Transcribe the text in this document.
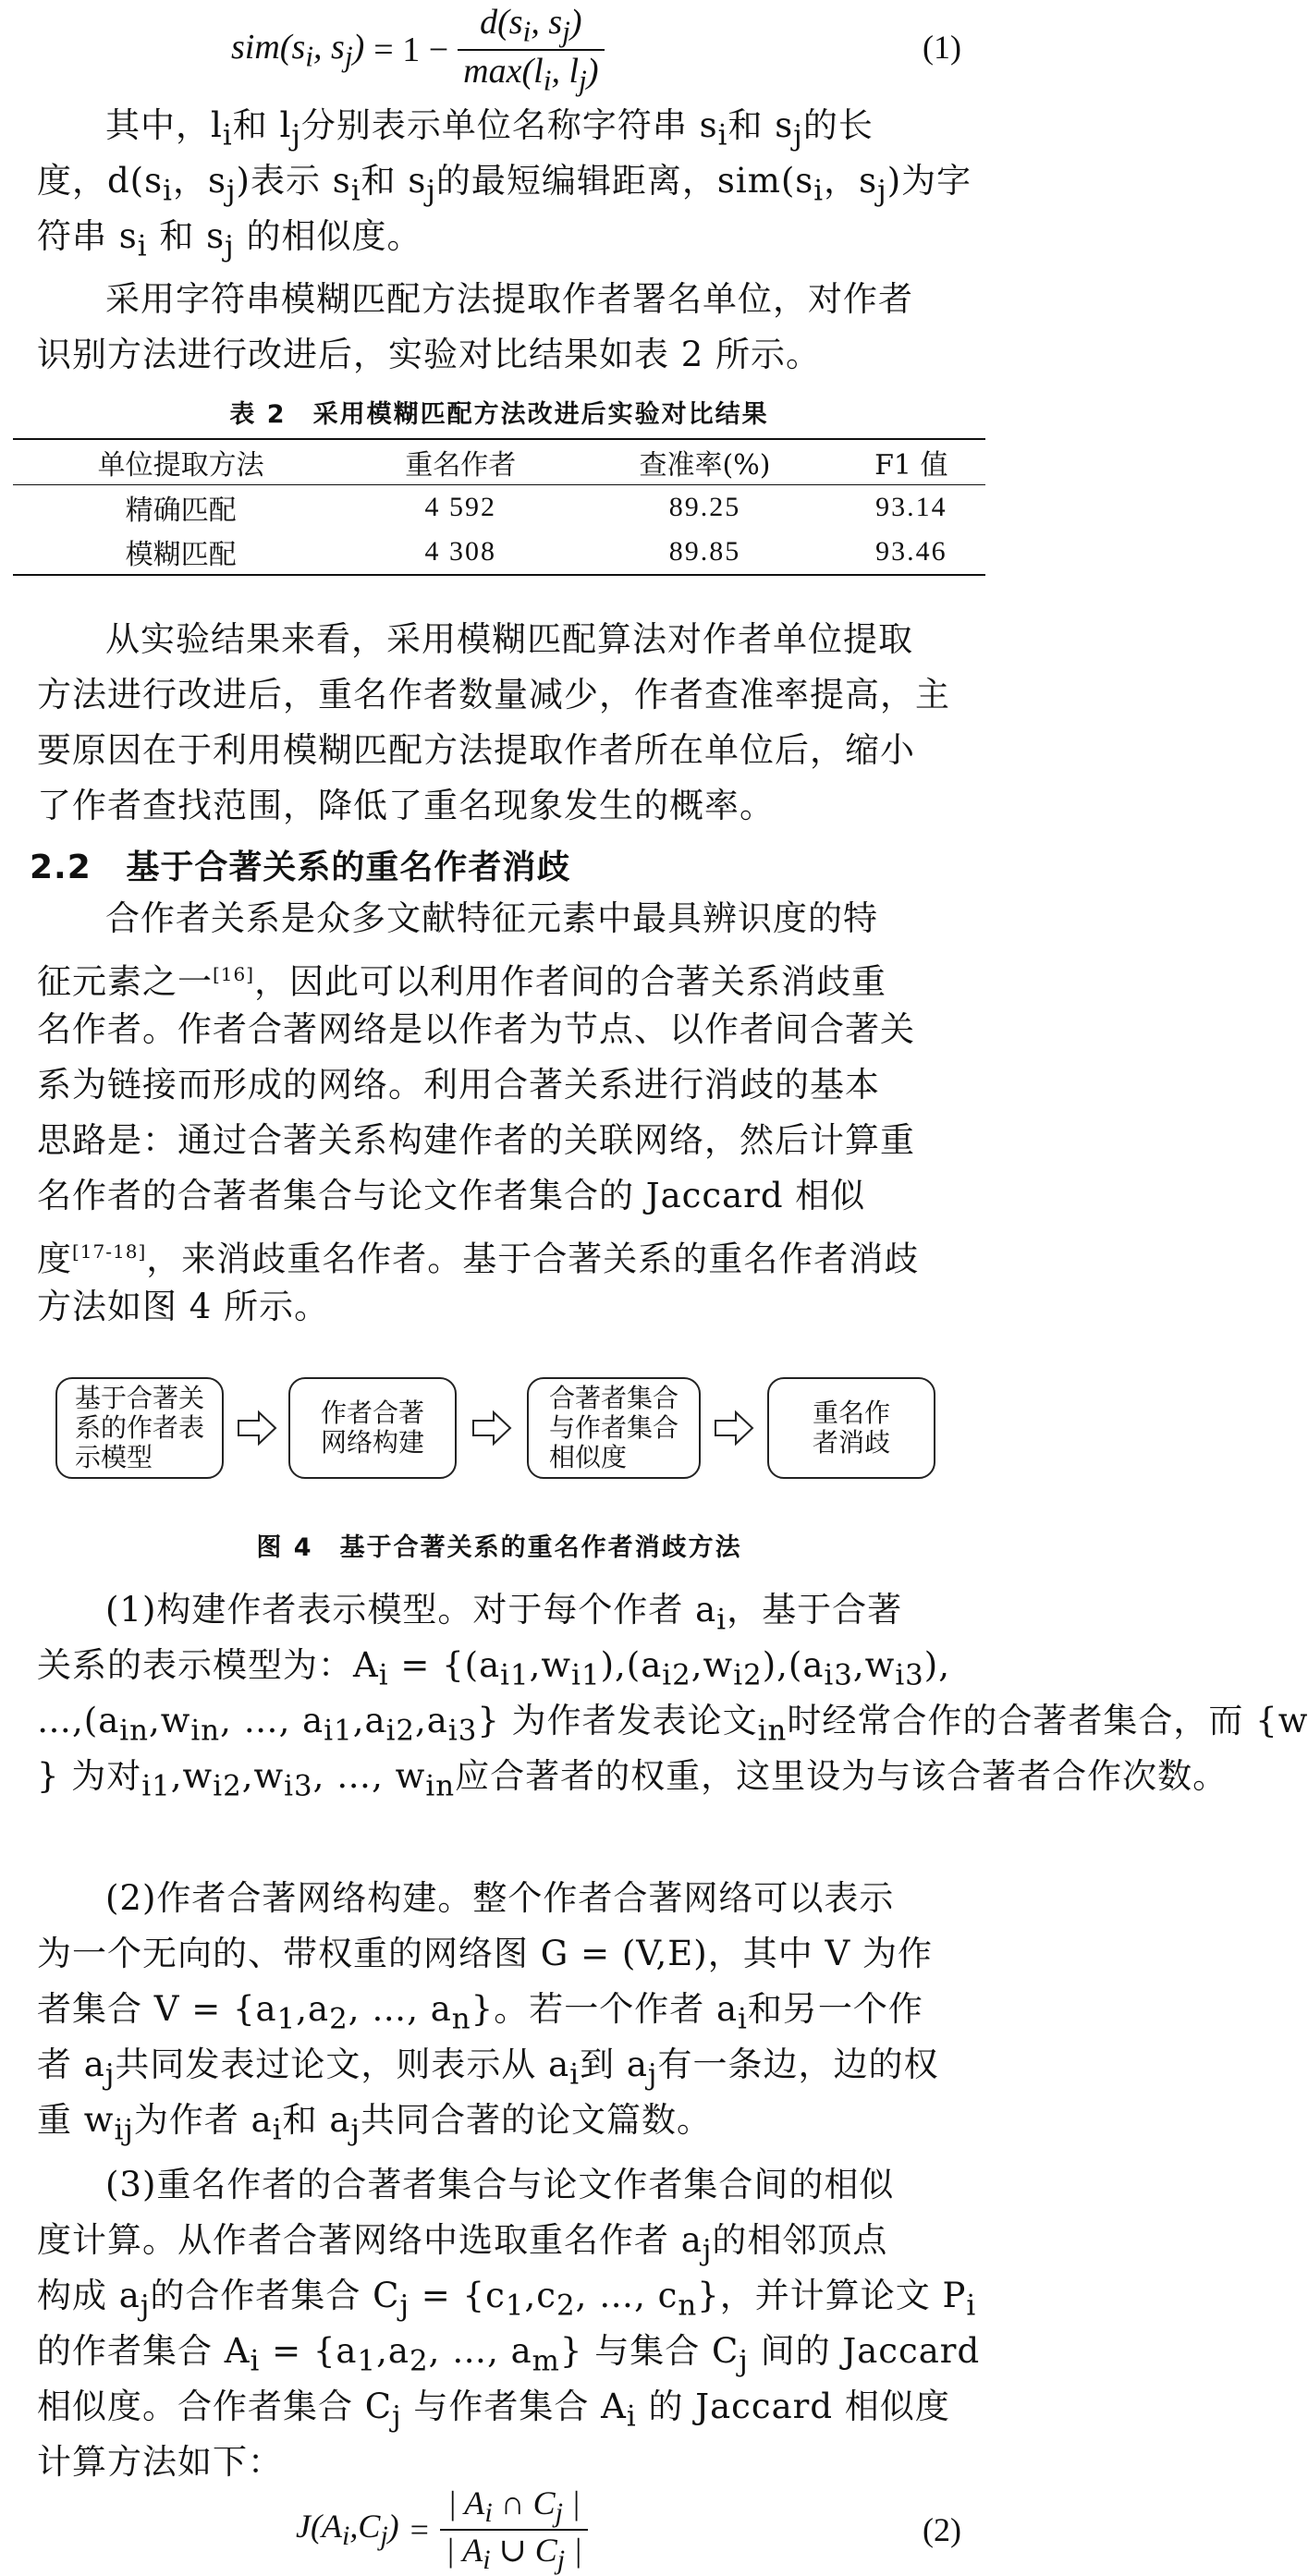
$sim(s_i$, $s_j) = 1 - \frac{d(s_i, s_j)}{\max(l_i, l_j)}$	(1)
其中，$l_i$和 $l_j$分别表示单位名称字符串 $s_i$和 $s_j$的长
度，$d(s_i$，$s_j$)表示 $s_i$和 $s_j$的最短编辑距离，$sim(s_i$，$s_j$)为字
符串 $s_i$ 和 $s_j$ 的相似度。
采用字符串模糊匹配方法提取作者署名单位，对作者
识别方法进行改进后，实验对比结果如表 2 所示。
表 2　采用模糊匹配方法改进后实验对比结果
单位提取方法	重名作者	查准率(%)	F1 值
精确匹配	4 592	89.25	93.14
模糊匹配	4 308	89.85	93.46
从实验结果来看，采用模糊匹配算法对作者单位提取
方法进行改进后，重名作者数量减少，作者查准率提高，主
要原因在于利用模糊匹配方法提取作者所在单位后，缩小
了作者查找范围，降低了重名现象发生的概率。
2.2 基于合著关系的重名作者消歧
合作者关系是众多文献特征元素中最具辨识度的特
征元素之一[16]，因此可以利用作者间的合著关系消歧重
名作者。作者合著网络是以作者为节点、以作者间合著关
系为链接而形成的网络。利用合著关系进行消歧的基本
思路是：通过合著关系构建作者的关联网络，然后计算重
名作者的合著者集合与论文作者集合的 Jaccard 相似
度[17-18]，来消歧重名作者。基于合著关系的重名作者消歧
方法如图 4 所示。
基于合著关
系的作者表
示模型
作者合著
网络构建
合著者集合
与作者集合
相似度
重名作
者消歧
图 4　基于合著关系的重名作者消歧方法
(1)构建作者表示模型。对于每个作者 $a_i$，基于合著
关系的表示模型为：$A_i = \{(a_{i1},w_{i1}),(a_{i2},w_{i2}),(a_{i3},w_{i3})$,
$\dots,(a_{in},w_{in}$, …, $a_{i1},a_{i2},a_{i3}$} 为作者发表论文$_{in}$时经常合作的合著者集合，而 {w
} 为对$_{i1},w_{i2},w_{i3}$, …, $w_{in}$应合著者的权重，这里设为与该合著者合作次数。
(2)作者合著网络构建。整个作者合著网络可以表示
为一个无向的、带权重的网络图 G = (V,E)，其中 V 为作
者集合 $V = \{a_1,a_2$, …, $a_n$}。若一个作者 $a_i$和另一个作
者 $a_j$共同发表过论文，则表示从 $a_i$到 $a_j$有一条边，边的权
重 $w_{ij}$为作者 $a_i$和 $a_j$共同合著的论文篇数。
(3)重名作者的合著者集合与论文作者集合间的相似
度计算。从作者合著网络中选取重名作者 $a_j$的相邻顶点
构成 $a_j$的合作者集合 $C_j = \{c_1,c_2$, …, $c_n$}，并计算论文 $P_i$
的作者集合 $A_i = \{a_1,a_2$, …, $a_m$} 与集合 $C_j$ 间的 Jaccard
相似度。合作者集合 $C_j$ 与作者集合 $A_i$ 的 Jaccard 相似度
计算方法如下：
$J(A_i,C_j) = \frac{| A_i \cap C_j |}{| A_i \cup C_j |}$	(2)
